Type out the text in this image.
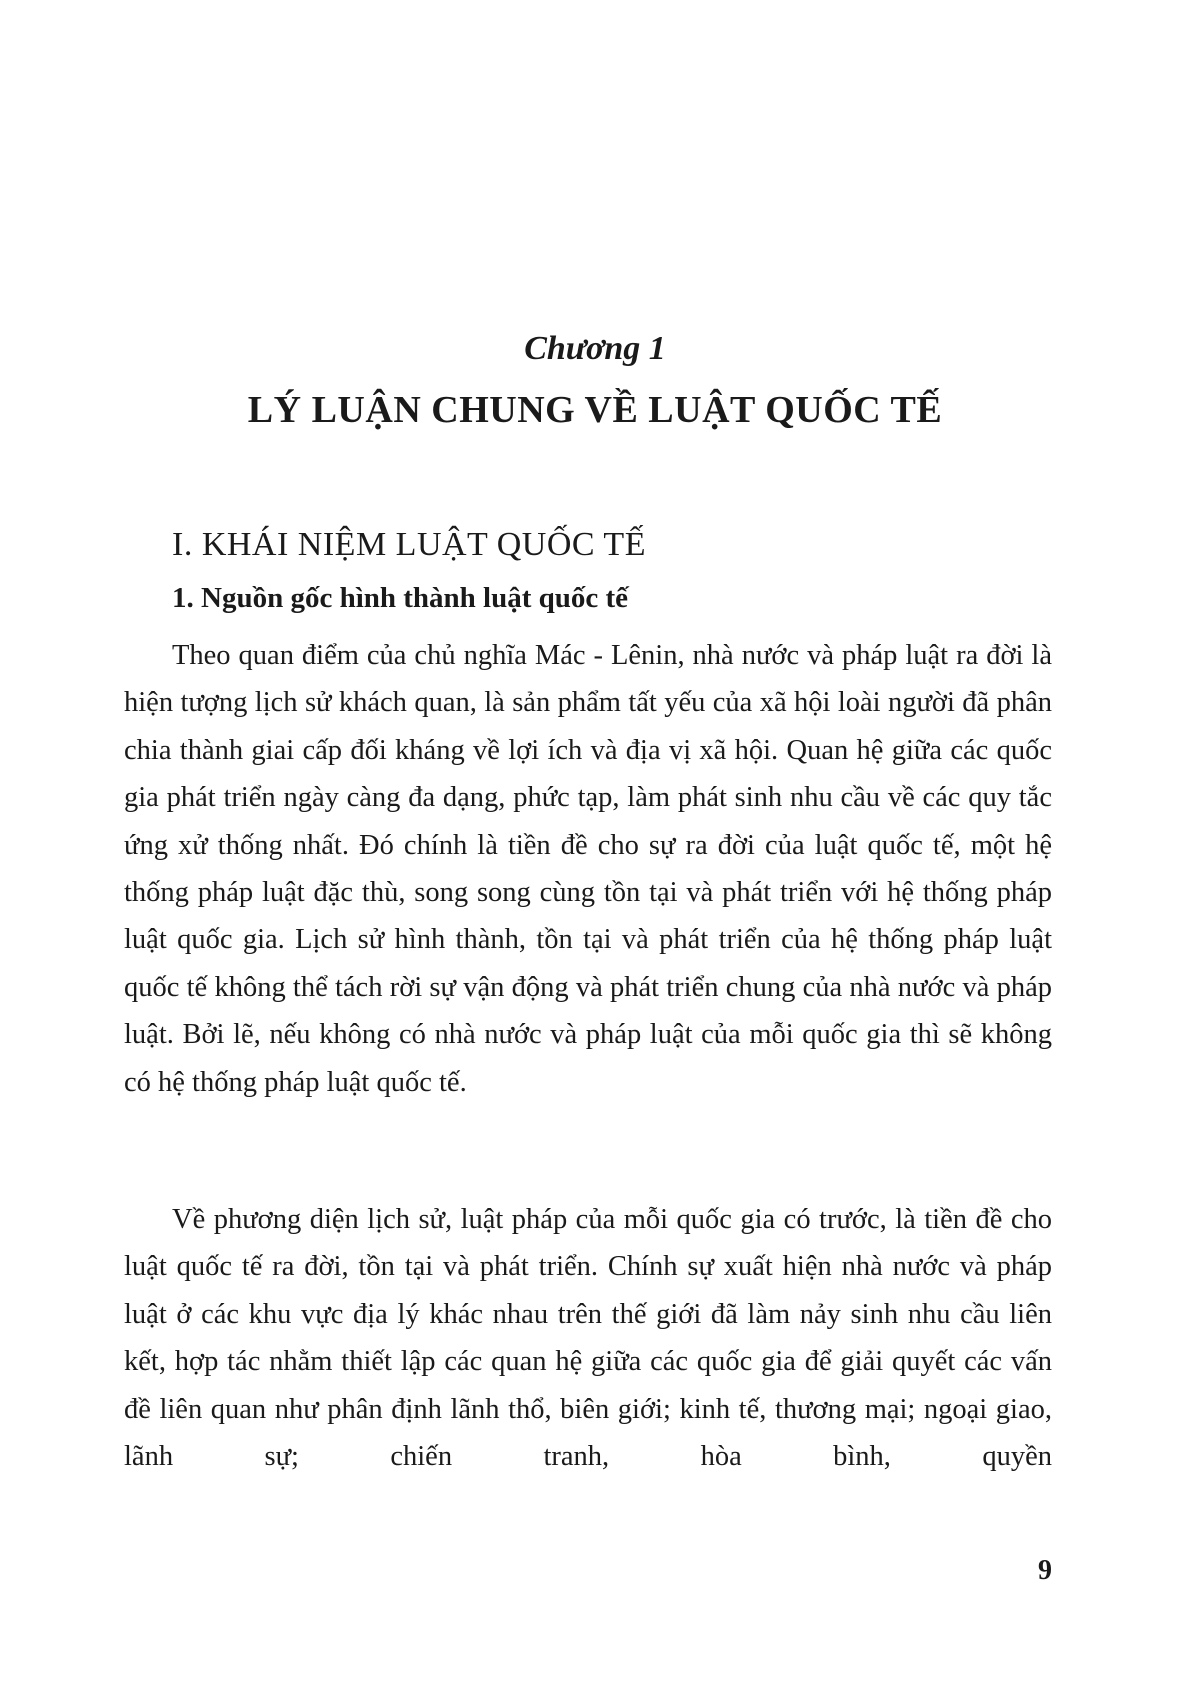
Chương 1
LÝ LUẬN CHUNG VỀ LUẬT QUỐC TẾ
I. KHÁI NIỆM LUẬT QUỐC TẾ
1. Nguồn gốc hình thành luật quốc tế

Theo quan điểm của chủ nghĩa Mác - Lênin, nhà nước và pháp luật ra đời là hiện tượng lịch sử khách quan, là sản phẩm tất yếu của xã hội loài người đã phân chia thành giai cấp đối kháng về lợi ích và địa vị xã hội. Quan hệ giữa các quốc gia phát triển ngày càng đa dạng, phức tạp, làm phát sinh nhu cầu về các quy tắc ứng xử thống nhất. Đó chính là tiền đề cho sự ra đời của luật quốc tế, một hệ thống pháp luật đặc thù, song song cùng tồn tại và phát triển với hệ thống pháp luật quốc gia. Lịch sử hình thành, tồn tại và phát triển của hệ thống pháp luật quốc tế không thể tách rời sự vận động và phát triển chung của nhà nước và pháp luật. Bởi lẽ, nếu không có nhà nước và pháp luật của mỗi quốc gia thì sẽ không có hệ thống pháp luật quốc tế.

Về phương diện lịch sử, luật pháp của mỗi quốc gia có trước, là tiền đề cho luật quốc tế ra đời, tồn tại và phát triển. Chính sự xuất hiện nhà nước và pháp luật ở các khu vực địa lý khác nhau trên thế giới đã làm nảy sinh nhu cầu liên kết, hợp tác nhằm thiết lập các quan hệ giữa các quốc gia để giải quyết các vấn đề liên quan như phân định lãnh thổ, biên giới; kinh tế, thương mại; ngoại giao, lãnh sự; chiến tranh, hòa bình, quyền

9
